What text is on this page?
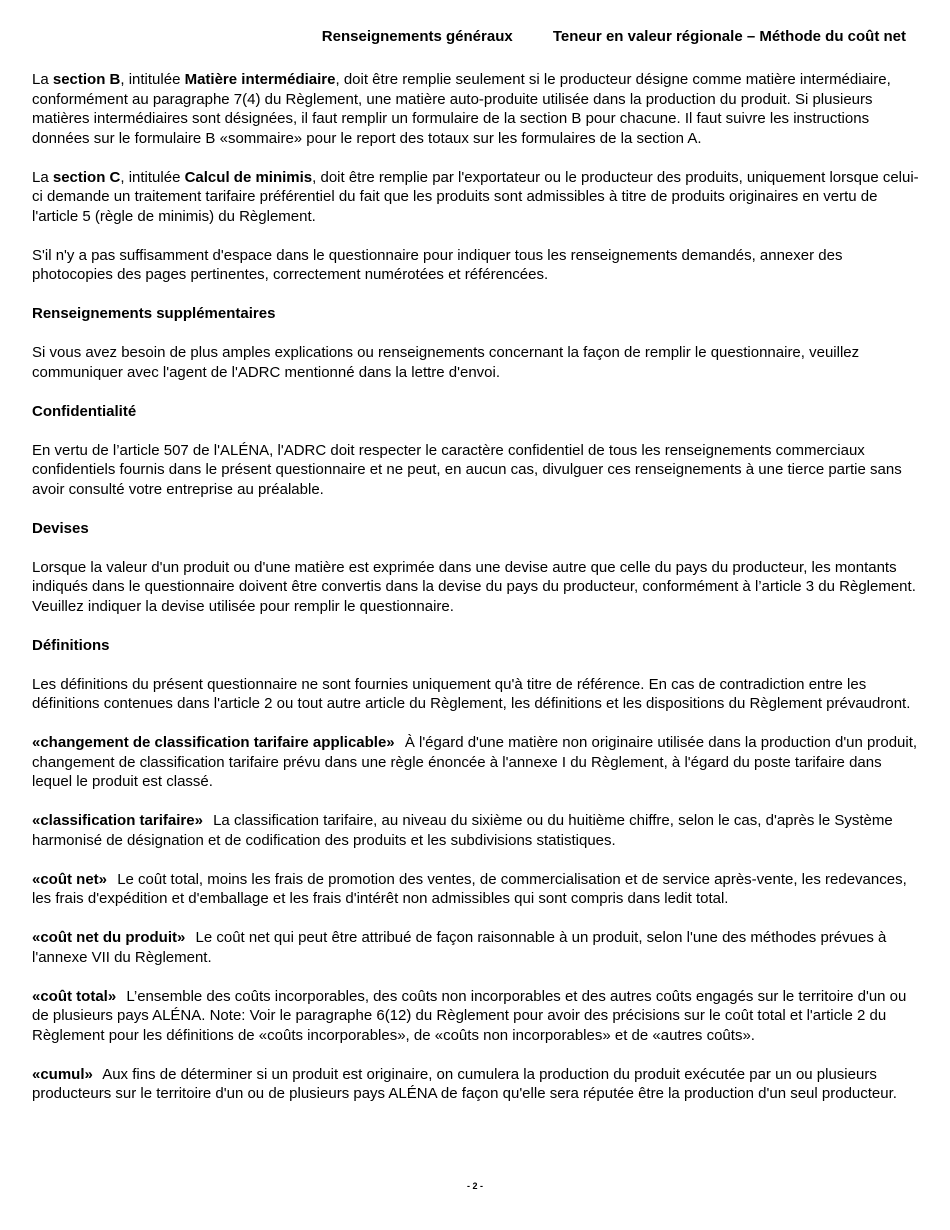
Renseignements généraux	Teneur en valeur régionale – Méthode du coût net

La section B, intitulée Matière intermédiaire, doit être remplie seulement si le producteur désigne comme matière intermédiaire, conformément au paragraphe 7(4) du Règlement, une matière auto-produite utilisée dans la production du produit. Si plusieurs matières intermédiaires sont désignées, il faut remplir un formulaire de la section B pour chacune. Il faut suivre les instructions données sur le formulaire B «sommaire» pour le report des totaux sur les formulaires de la section A.

La section C, intitulée Calcul de minimis, doit être remplie par l'exportateur ou le producteur des produits, uniquement lorsque celui-ci demande un traitement tarifaire préférentiel du fait que les produits sont admissibles à titre de produits originaires en vertu de l'article 5 (règle de minimis) du Règlement.

S'il n'y a pas suffisamment d'espace dans le questionnaire pour indiquer tous les renseignements demandés, annexer des photocopies des pages pertinentes, correctement numérotées et référencées.

Renseignements supplémentaires

Si vous avez besoin de plus amples explications ou renseignements concernant la façon de remplir le questionnaire, veuillez communiquer avec l'agent de l'ADRC mentionné dans la lettre d'envoi.

Confidentialité

En vertu de l’article 507 de l'ALÉNA, l'ADRC doit respecter le caractère confidentiel de tous les renseignements commerciaux confidentiels fournis dans le présent questionnaire et ne peut, en aucun cas, divulguer ces renseignements à une tierce partie sans avoir consulté votre entreprise au préalable.

Devises

Lorsque la valeur d'un produit ou d'une matière est exprimée dans une devise autre que celle du pays du producteur, les montants indiqués dans le questionnaire doivent être convertis dans la devise du pays du producteur, conformément à l’article 3 du Règlement. Veuillez indiquer la devise utilisée pour remplir le questionnaire.

Définitions

Les définitions du présent questionnaire ne sont fournies uniquement qu'à titre de référence. En cas de contradiction entre les définitions contenues dans l'article 2 ou tout autre article du Règlement, les définitions et les dispositions du Règlement prévaudront.

«changement de classification tarifaire applicable» À l'égard d'une matière non originaire utilisée dans la production d'un produit, changement de classification tarifaire prévu dans une règle énoncée à l'annexe I du Règlement, à l'égard du poste tarifaire dans lequel le produit est classé.

«classification tarifaire» La classification tarifaire, au niveau du sixième ou du huitième chiffre, selon le cas, d'après le Système harmonisé de désignation et de codification des produits et les subdivisions statistiques.

«coût net» Le coût total, moins les frais de promotion des ventes, de commercialisation et de service après-vente, les redevances, les frais d'expédition et d'emballage et les frais d'intérêt non admissibles qui sont compris dans ledit total.

«coût net du produit» Le coût net qui peut être attribué de façon raisonnable à un produit, selon l'une des méthodes prévues à l'annexe VII du Règlement.

«coût total» L’ensemble des coûts incorporables, des coûts non incorporables et des autres coûts engagés sur le territoire d'un ou de plusieurs pays ALÉNA. Note: Voir le paragraphe 6(12) du Règlement pour avoir des précisions sur le coût total et l'article 2 du Règlement pour les définitions de «coûts incorporables», de «coûts non incorporables» et de «autres coûts».

«cumul» Aux fins de déterminer si un produit est originaire, on cumulera la production du produit exécutée par un ou plusieurs producteurs sur le territoire d'un ou de plusieurs pays ALÉNA de façon qu'elle sera réputée être la production d'un seul producteur.

- 2 -
